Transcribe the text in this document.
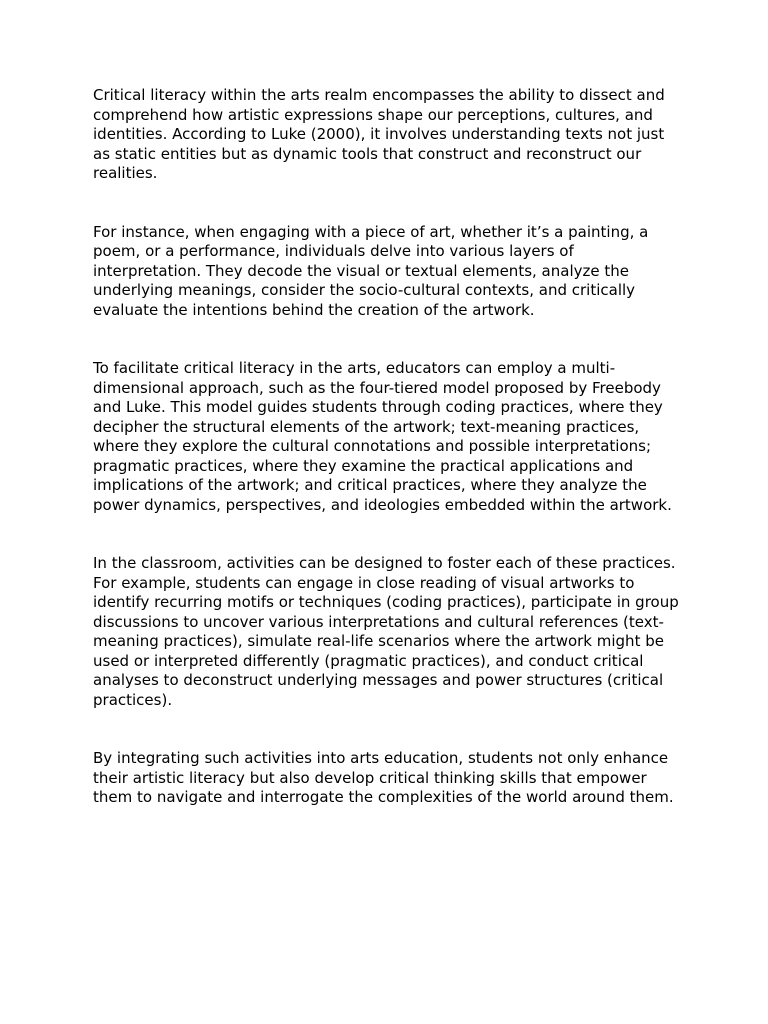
Critical literacy within the arts realm encompasses the ability to dissect and comprehend how artistic expressions shape our perceptions, cultures, and identities. According to Luke (2000), it involves understanding texts not just as static entities but as dynamic tools that construct and reconstruct our realities.

For instance, when engaging with a piece of art, whether it’s a painting, a poem, or a performance, individuals delve into various layers of interpretation. They decode the visual or textual elements, analyze the underlying meanings, consider the socio-cultural contexts, and critically evaluate the intentions behind the creation of the artwork.

To facilitate critical literacy in the arts, educators can employ a multi-dimensional approach, such as the four-tiered model proposed by Freebody and Luke. This model guides students through coding practices, where they decipher the structural elements of the artwork; text-meaning practices, where they explore the cultural connotations and possible interpretations; pragmatic practices, where they examine the practical applications and implications of the artwork; and critical practices, where they analyze the power dynamics, perspectives, and ideologies embedded within the artwork.

In the classroom, activities can be designed to foster each of these practices. For example, students can engage in close reading of visual artworks to identify recurring motifs or techniques (coding practices), participate in group discussions to uncover various interpretations and cultural references (text-meaning practices), simulate real-life scenarios where the artwork might be used or interpreted differently (pragmatic practices), and conduct critical analyses to deconstruct underlying messages and power structures (critical practices).

By integrating such activities into arts education, students not only enhance their artistic literacy but also develop critical thinking skills that empower them to navigate and interrogate the complexities of the world around them.
